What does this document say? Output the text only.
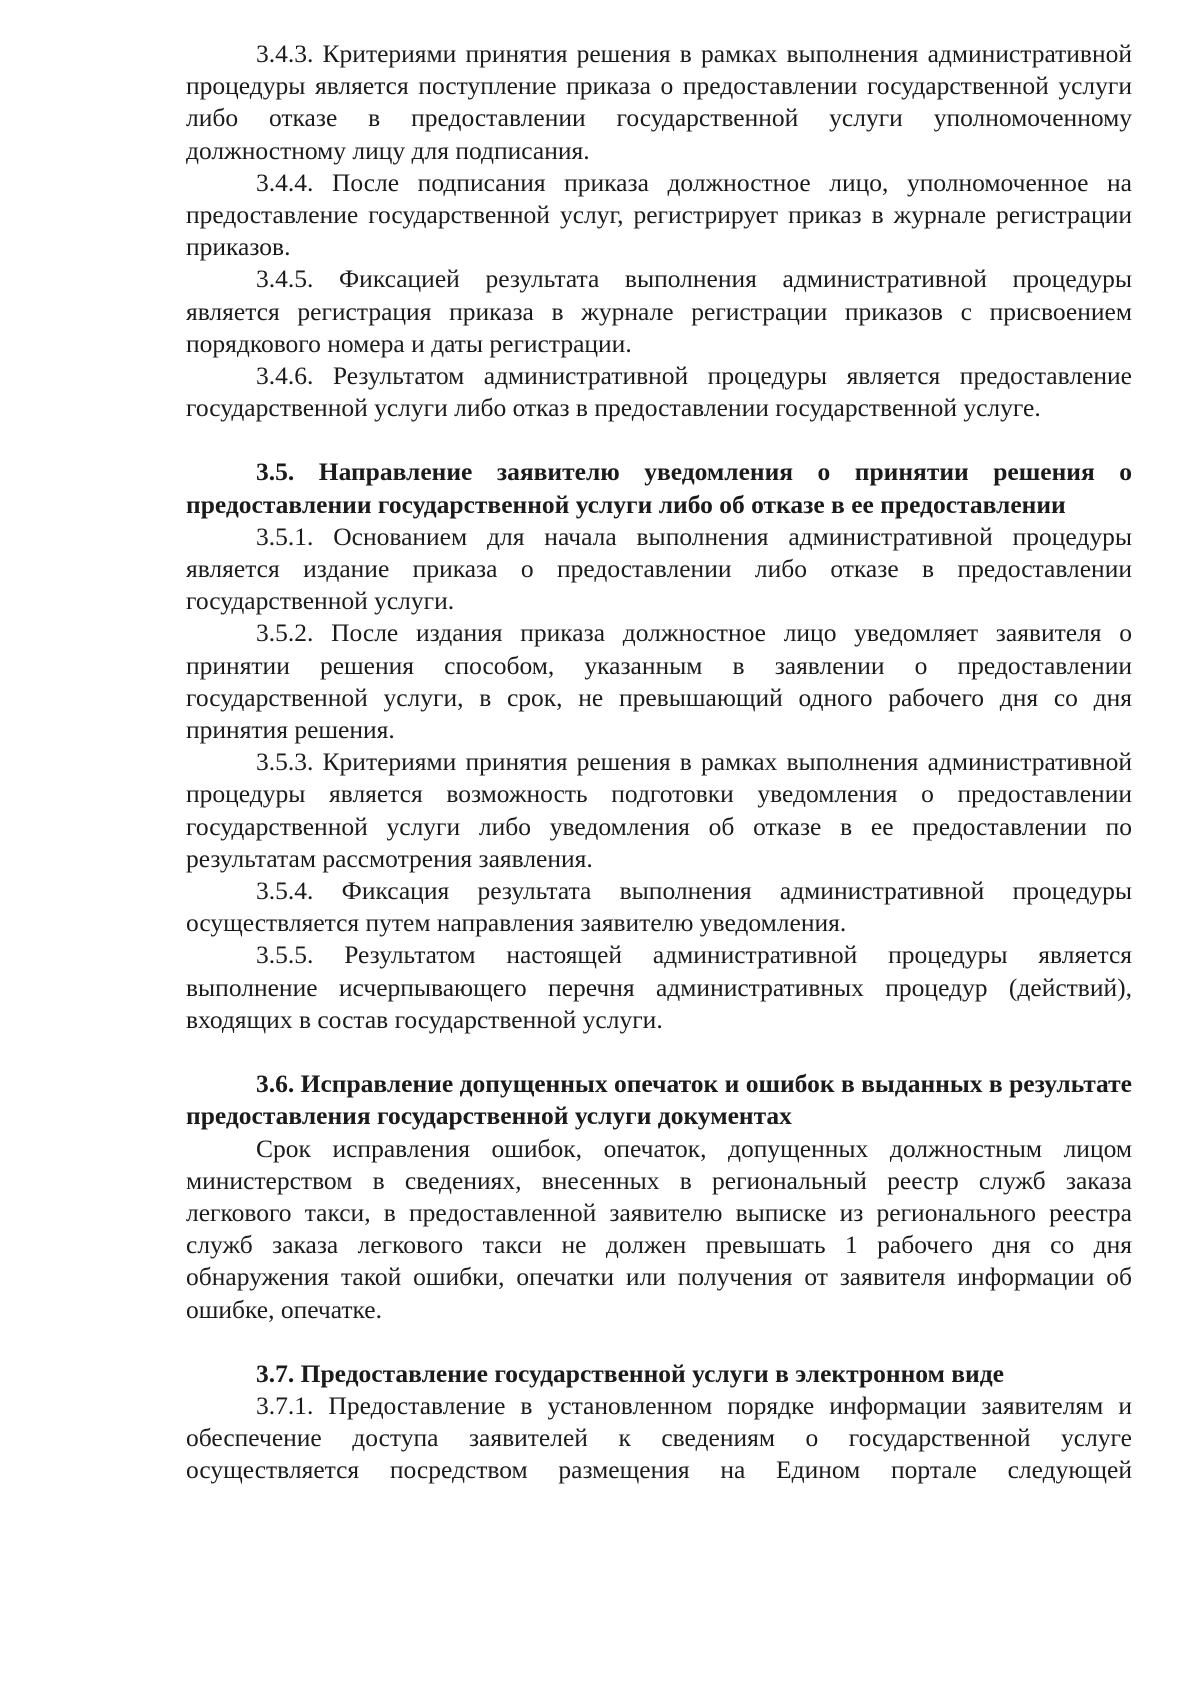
3.4.3. Критериями принятия решения в рамках выполнения административной процедуры является поступление приказа о предоставлении государственной услуги либо отказе в предоставлении государственной услуги уполномоченному должностному лицу для подписания.

3.4.4. После подписания приказа должностное лицо, уполномоченное на предоставление государственной услуг, регистрирует приказ в журнале регистрации приказов.

3.4.5. Фиксацией результата выполнения административной процедуры является регистрация приказа в журнале регистрации приказов с присвоением порядкового номера и даты регистрации.

3.4.6. Результатом административной процедуры является предоставление государственной услуги либо отказ в предоставлении государственной услуге.

3.5. Направление заявителю уведомления о принятии решения о предоставлении государственной услуги либо об отказе в ее предоставлении

3.5.1. Основанием для начала выполнения административной процедуры является издание приказа о предоставлении либо отказе в предоставлении государственной услуги.

3.5.2. После издания приказа должностное лицо уведомляет заявителя о принятии решения способом, указанным в заявлении о предоставлении государственной услуги, в срок, не превышающий одного рабочего дня со дня принятия решения.

3.5.3. Критериями принятия решения в рамках выполнения административной процедуры является возможность подготовки уведомления о предоставлении государственной услуги либо уведомления об отказе в ее предоставлении по результатам рассмотрения заявления.

3.5.4. Фиксация результата выполнения административной процедуры осуществляется путем направления заявителю уведомления.

3.5.5. Результатом настоящей административной процедуры является выполнение исчерпывающего перечня административных процедур (действий), входящих в состав государственной услуги.

3.6. Исправление допущенных опечаток и ошибок в выданных в результате предоставления государственной услуги документах

Срок исправления ошибок, опечаток, допущенных должностным лицом министерством в сведениях, внесенных в региональный реестр служб заказа легкового такси, в предоставленной заявителю выписке из регионального реестра служб заказа легкового такси не должен превышать 1 рабочего дня со дня обнаружения такой ошибки, опечатки или получения от заявителя информации об ошибке, опечатке.

3.7. Предоставление государственной услуги в электронном виде

3.7.1. Предоставление в установленном порядке информации заявителям и обеспечение доступа заявителей к сведениям о государственной услуге осуществляется посредством размещения на Едином портале следующей
